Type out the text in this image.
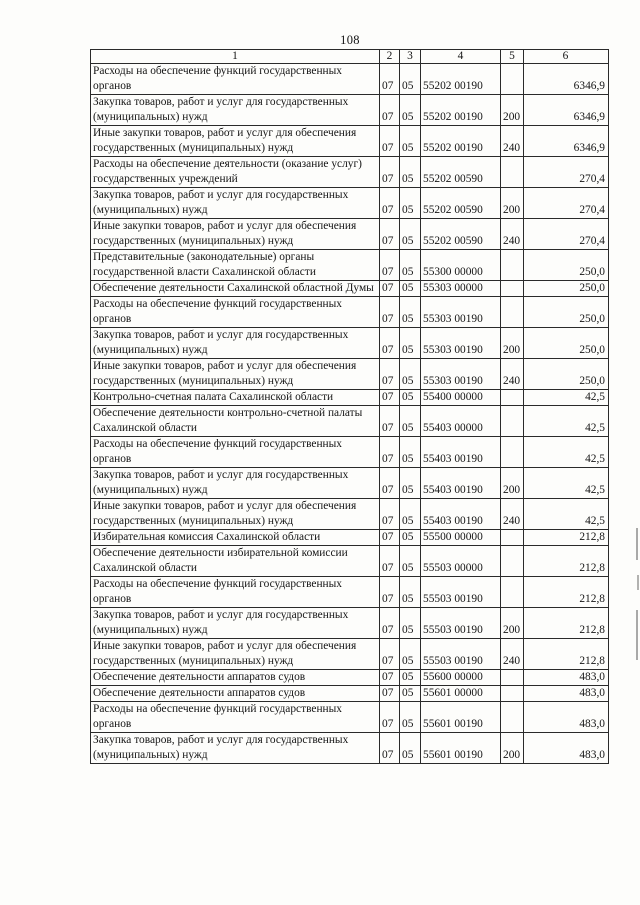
108
1	2	3	4	5	6
Расходы на обеспечение функций государственных органов	07	05	55202 00190		6346,9
Закупка товаров, работ и услуг для государственных (муниципальных) нужд	07	05	55202 00190	200	6346,9
Иные закупки товаров, работ и услуг для обеспечения государственных (муниципальных) нужд	07	05	55202 00190	240	6346,9
Расходы на обеспечение деятельности (оказание услуг) государственных учреждений	07	05	55202 00590		270,4
Закупка товаров, работ и услуг для государственных (муниципальных) нужд	07	05	55202 00590	200	270,4
Иные закупки товаров, работ и услуг для обеспечения государственных (муниципальных) нужд	07	05	55202 00590	240	270,4
Представительные (законодательные) органы государственной власти Сахалинской области	07	05	55300 00000		250,0
Обеспечение деятельности Сахалинской областной Думы	07	05	55303 00000		250,0
Расходы на обеспечение функций государственных органов	07	05	55303 00190		250,0
Закупка товаров, работ и услуг для государственных (муниципальных) нужд	07	05	55303 00190	200	250,0
Иные закупки товаров, работ и услуг для обеспечения государственных (муниципальных) нужд	07	05	55303 00190	240	250,0
Контрольно-счетная палата Сахалинской области	07	05	55400 00000		42,5
Обеспечение деятельности контрольно-счетной палаты Сахалинской области	07	05	55403 00000		42,5
Расходы на обеспечение функций государственных органов	07	05	55403 00190		42,5
Закупка товаров, работ и услуг для государственных (муниципальных) нужд	07	05	55403 00190	200	42,5
Иные закупки товаров, работ и услуг для обеспечения государственных (муниципальных) нужд	07	05	55403 00190	240	42,5
Избирательная комиссия Сахалинской области	07	05	55500 00000		212,8
Обеспечение деятельности избирательной комиссии Сахалинской области	07	05	55503 00000		212,8
Расходы на обеспечение функций государственных органов	07	05	55503 00190		212,8
Закупка товаров, работ и услуг для государственных (муниципальных) нужд	07	05	55503 00190	200	212,8
Иные закупки товаров, работ и услуг для обеспечения государственных (муниципальных) нужд	07	05	55503 00190	240	212,8
Обеспечение деятельности аппаратов судов	07	05	55600 00000		483,0
Обеспечение деятельности аппаратов судов	07	05	55601 00000		483,0
Расходы на обеспечение функций государственных органов	07	05	55601 00190		483,0
Закупка товаров, работ и услуг для государственных (муниципальных) нужд	07	05	55601 00190	200	483,0
